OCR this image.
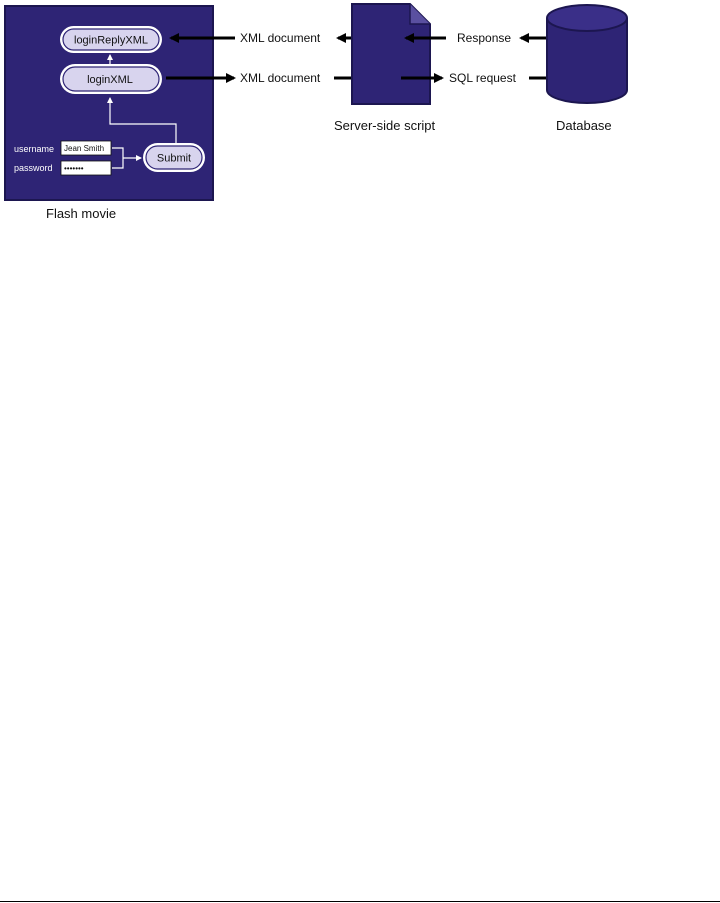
loginReplyXML
loginXML
username
password
Jean Smith
•••••••
Submit
Flash movie
XML document
XML document
Server-side script
Response
SQL request
Database
